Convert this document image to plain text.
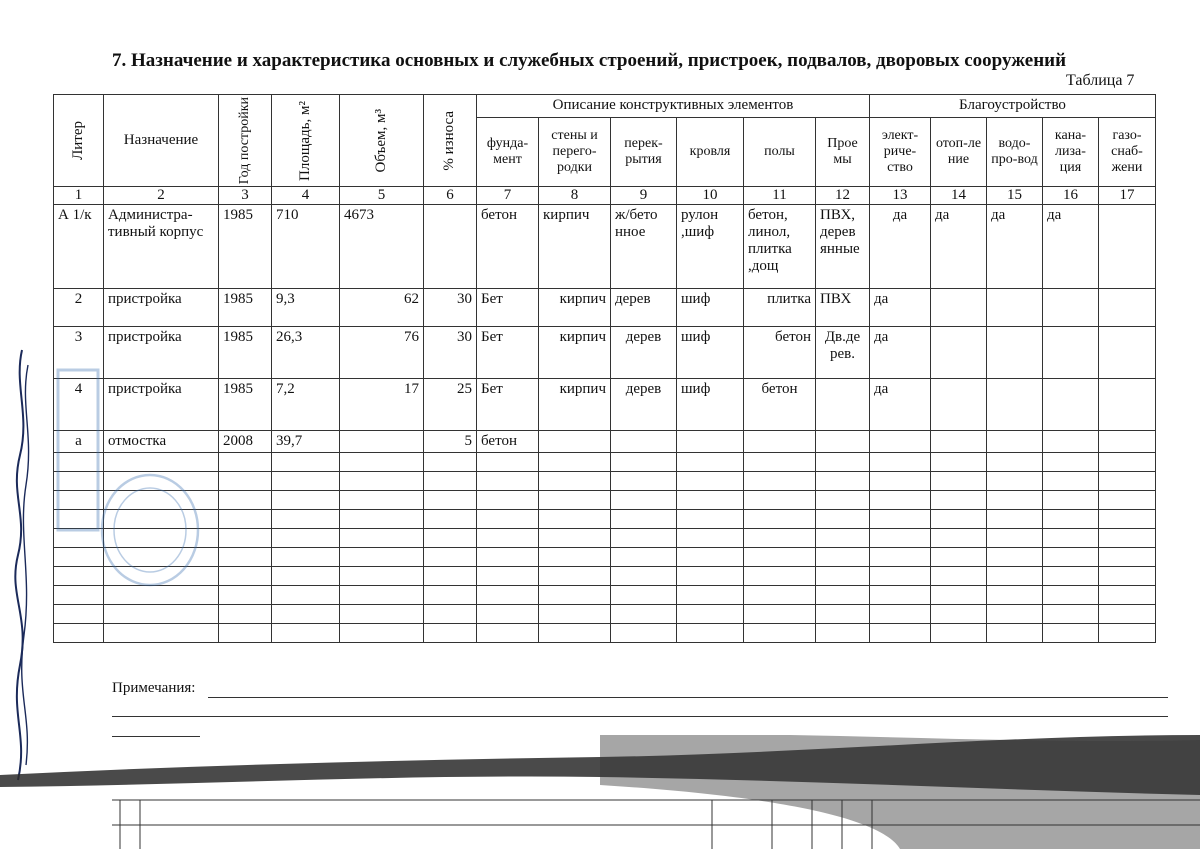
7. Назначение и характеристика основных и служебных строений, пристроек, подвалов, дворовых сооружений
Таблица 7
Литер	Назначение	Год постройки	Площадь, м²	Объем, м³	% износа	Описание конструктивных элементов						Благоустройство				
						фунда-мент	стены и перего-родки	перек-рытия	кровля	полы	Прое мы	элект-риче-ство	отоп-ле ние	водо-про-вод	кана-лиза-ция	газо-снаб-жени
1	2	3	4	5	6	7	8	9	10	11	12	13	14	15	16	17
А 1/к	Администра-тивный корпус	1985	710	4673		бетон	кирпич	ж/бето нное	рулон ,шиф	бетон, линол, плитка ,дощ	ПВХ, дерев янные	да	да	да	да	
2	пристройка	1985	9,3	62	30	Бет	кирпич	дерев	шиф	плитка	ПВХ	да				
3	пристройка	1985	26,3	76	30	Бет	кирпич	дерев	шиф	бетон	Дв.де рев.	да				
4	пристройка	1985	7,2	17	25	Бет	кирпич	дерев	шиф	бетон		да				
а	отмостка	2008	39,7		5	бетон										

Примечания:
